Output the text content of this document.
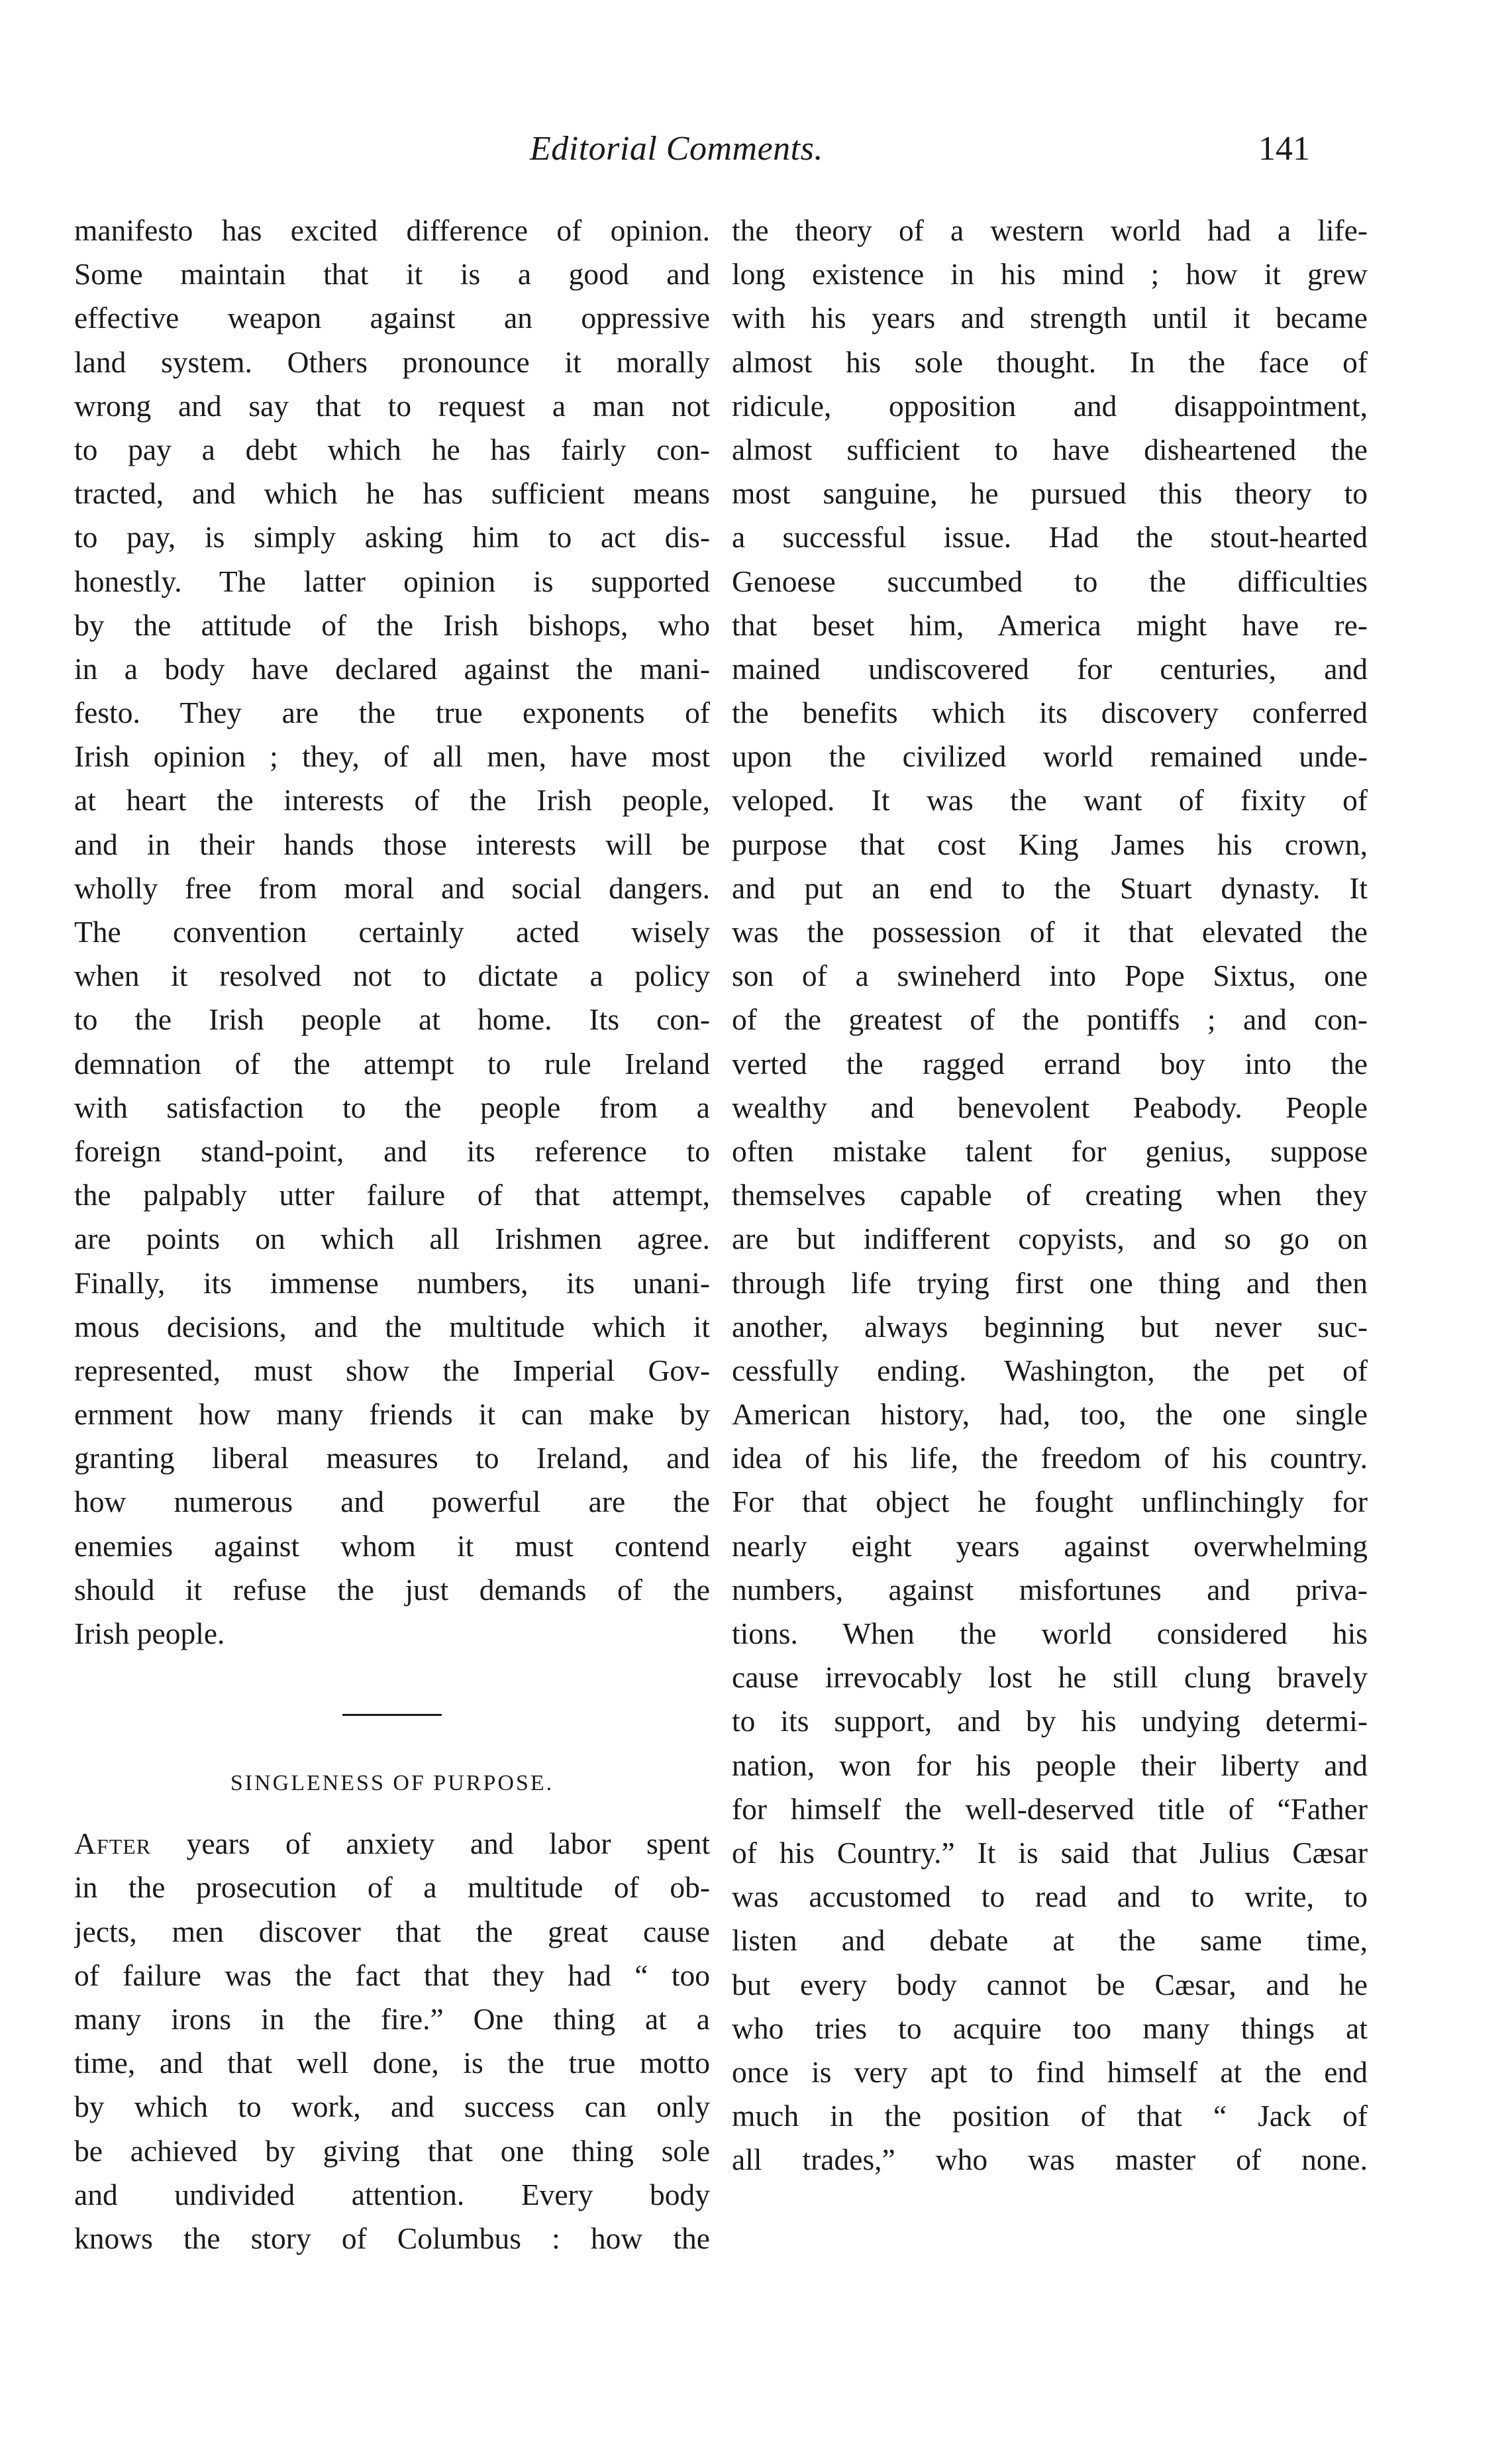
Editorial Comments.	141
manifesto has excited difference of opinion.
Some maintain that it is a good and
effective weapon against an oppressive
land system. Others pronounce it morally
wrong and say that to request a man not
to pay a debt which he has fairly con-
tracted, and which he has sufficient means
to pay, is simply asking him to act dis-
honestly. The latter opinion is supported
by the attitude of the Irish bishops, who
in a body have declared against the mani-
festo. They are the true exponents of
Irish opinion ; they, of all men, have most
at heart the interests of the Irish people,
and in their hands those interests will be
wholly free from moral and social dangers.
The convention certainly acted wisely
when it resolved not to dictate a policy
to the Irish people at home. Its con-
demnation of the attempt to rule Ireland
with satisfaction to the people from a
foreign stand-point, and its reference to
the palpably utter failure of that attempt,
are points on which all Irishmen agree.
Finally, its immense numbers, its unani-
mous decisions, and the multitude which it
represented, must show the Imperial Gov-
ernment how many friends it can make by
granting liberal measures to Ireland, and
how numerous and powerful are the
enemies against whom it must contend
should it refuse the just demands of the
Irish people.
SINGLENESS OF PURPOSE.
After years of anxiety and labor spent
in the prosecution of a multitude of ob-
jects, men discover that the great cause
of failure was the fact that they had “ too
many irons in the fire.” One thing at a
time, and that well done, is the true motto
by which to work, and success can only
be achieved by giving that one thing sole
and undivided attention. Every body
knows the story of Columbus : how the
the theory of a western world had a life-
long existence in his mind ; how it grew
with his years and strength until it became
almost his sole thought. In the face of
ridicule, opposition and disappointment,
almost sufficient to have disheartened the
most sanguine, he pursued this theory to
a successful issue. Had the stout-hearted
Genoese succumbed to the difficulties
that beset him, America might have re-
mained undiscovered for centuries, and
the benefits which its discovery conferred
upon the civilized world remained unde-
veloped. It was the want of fixity of
purpose that cost King James his crown,
and put an end to the Stuart dynasty. It
was the possession of it that elevated the
son of a swineherd into Pope Sixtus, one
of the greatest of the pontiffs ; and con-
verted the ragged errand boy into the
wealthy and benevolent Peabody. People
often mistake talent for genius, suppose
themselves capable of creating when they
are but indifferent copyists, and so go on
through life trying first one thing and then
another, always beginning but never suc-
cessfully ending. Washington, the pet of
American history, had, too, the one single
idea of his life, the freedom of his country.
For that object he fought unflinchingly for
nearly eight years against overwhelming
numbers, against misfortunes and priva-
tions. When the world considered his
cause irrevocably lost he still clung bravely
to its support, and by his undying determi-
nation, won for his people their liberty and
for himself the well-deserved title of “Father
of his Country.” It is said that Julius Cæsar
was accustomed to read and to write, to
listen and debate at the same time,
but every body cannot be Cæsar, and he
who tries to acquire too many things at
once is very apt to find himself at the end
much in the position of that “ Jack of
all trades,” who was master of none.
